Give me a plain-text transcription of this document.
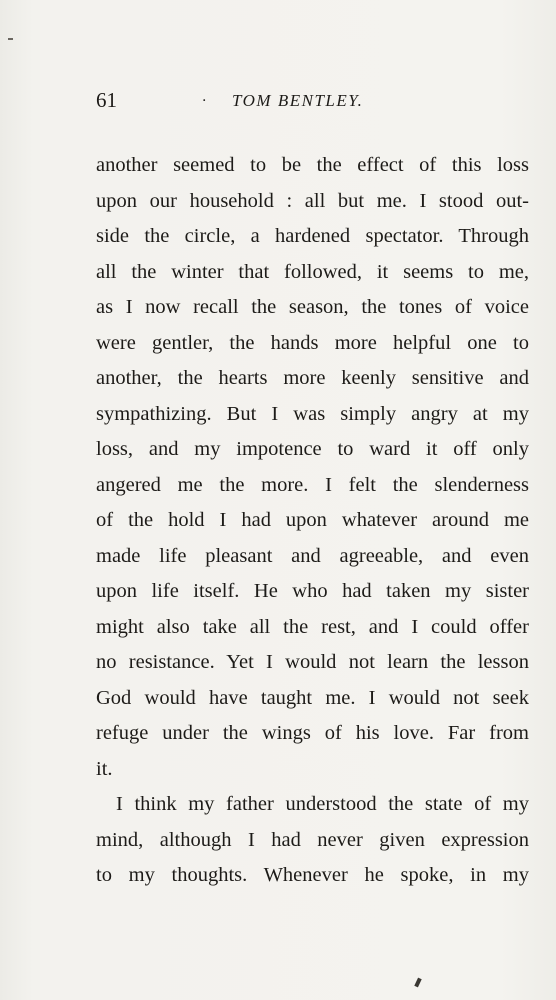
61	· TOM BENTLEY.
another seemed to be the effect of this loss
upon our household : all but me. I stood out-
side the circle, a hardened spectator. Through
all the winter that followed, it seems to me,
as I now recall the season, the tones of voice
were gentler, the hands more helpful one to
another, the hearts more keenly sensitive and
sympathizing. But I was simply angry at my
loss, and my impotence to ward it off only
angered me the more. I felt the slenderness
of the hold I had upon whatever around me
made life pleasant and agreeable, and even
upon life itself. He who had taken my sister
might also take all the rest, and I could offer
no resistance. Yet I would not learn the lesson
God would have taught me. I would not seek
refuge under the wings of his love. Far from
it.
I think my father understood the state of my
mind, although I had never given expression
to my thoughts. Whenever he spoke, in my
